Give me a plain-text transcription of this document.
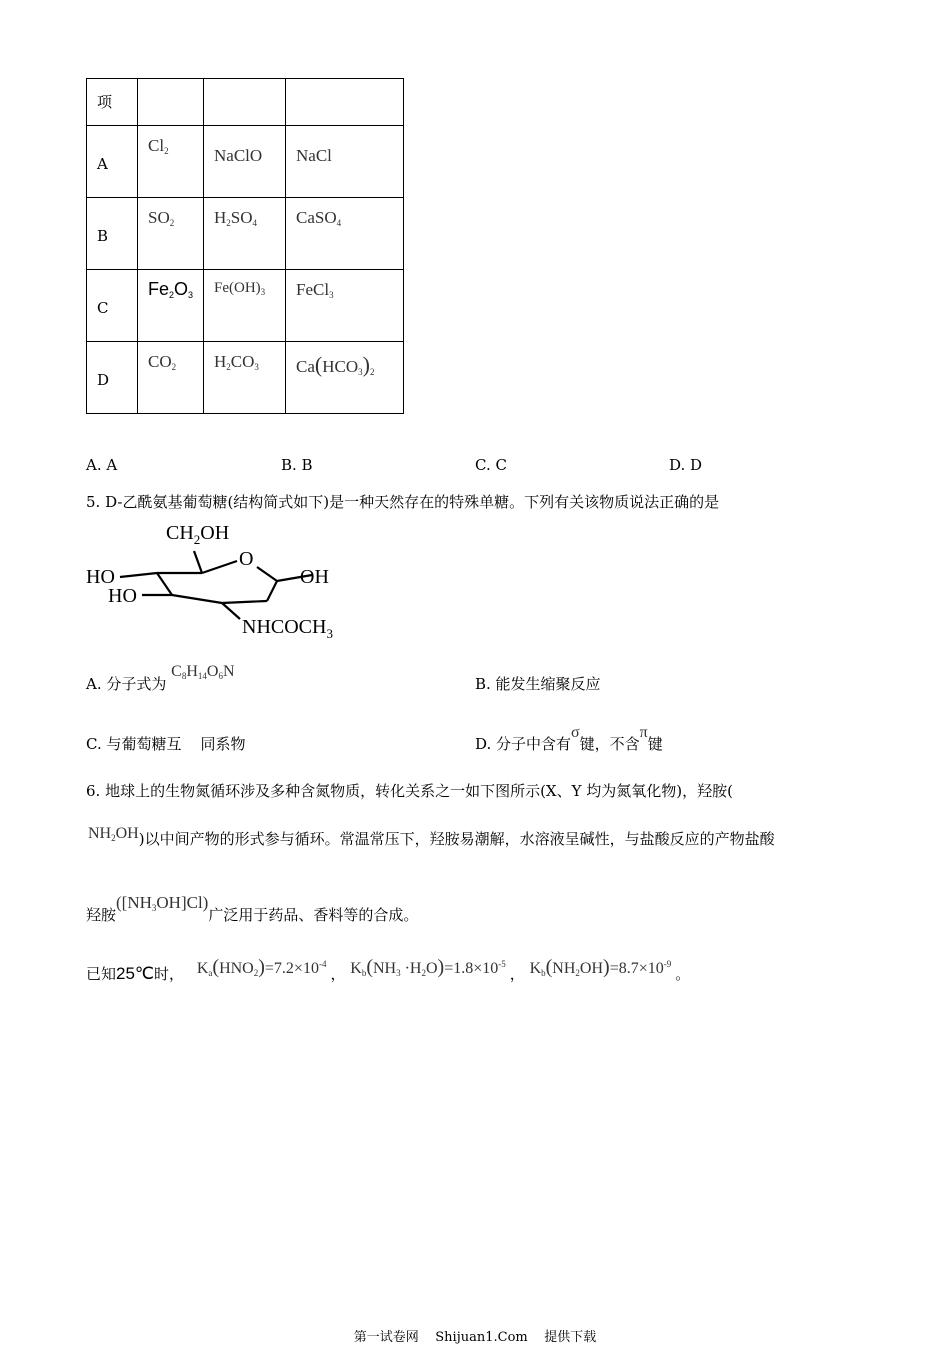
项			

A	$Cl_2$	NaClO	NaCl

B	$SO_2$	$H_2SO_4$	CaSO$_4$

C	$Fe_2O_3$	$Fe(OH)_3$	FeCl$_3$

D	$CO_2$	$H_2CO_3$	$Ca(HCO_3)_2$
A. A	B. B	C. C	D. D
5. D-乙酰氨基葡萄糖(结构简式如下)是一种天然存在的特殊单糖。下列有关该物质说法正确的是
$CH_2OH$
O
HO
HO
OH
$NHCOCH_3$
A. 分子式为 $C_8H_{14}O_6N$
B. 能发生缩聚反应
C. 与葡萄糖互    同系物	D. 分子中含有σ键，不含π键
6. 地球上的生物氮循环涉及多种含氮物质，转化关系之一如下图所示(X、Y 均为氮氧化物)，羟胺(
$NH_2OH$)以中间产物的形式参与循环。常温常压下，羟胺易潮解，水溶液呈碱性，与盐酸反应的产物盐酸
羟胺$([NH_3OH]Cl)$广泛用于药品、香料等的合成。
已知25℃时， $K_a(HNO_2)=7.2\times 10^{-4}$ ， $K_b(NH_3 \cdot H_2O)=1.8\times 10^{-5}$ ， $K_b(NH_2OH)=8.7\times 10^{-9}$ 。
第一试卷网    Shijuan1.Com    提供下载
